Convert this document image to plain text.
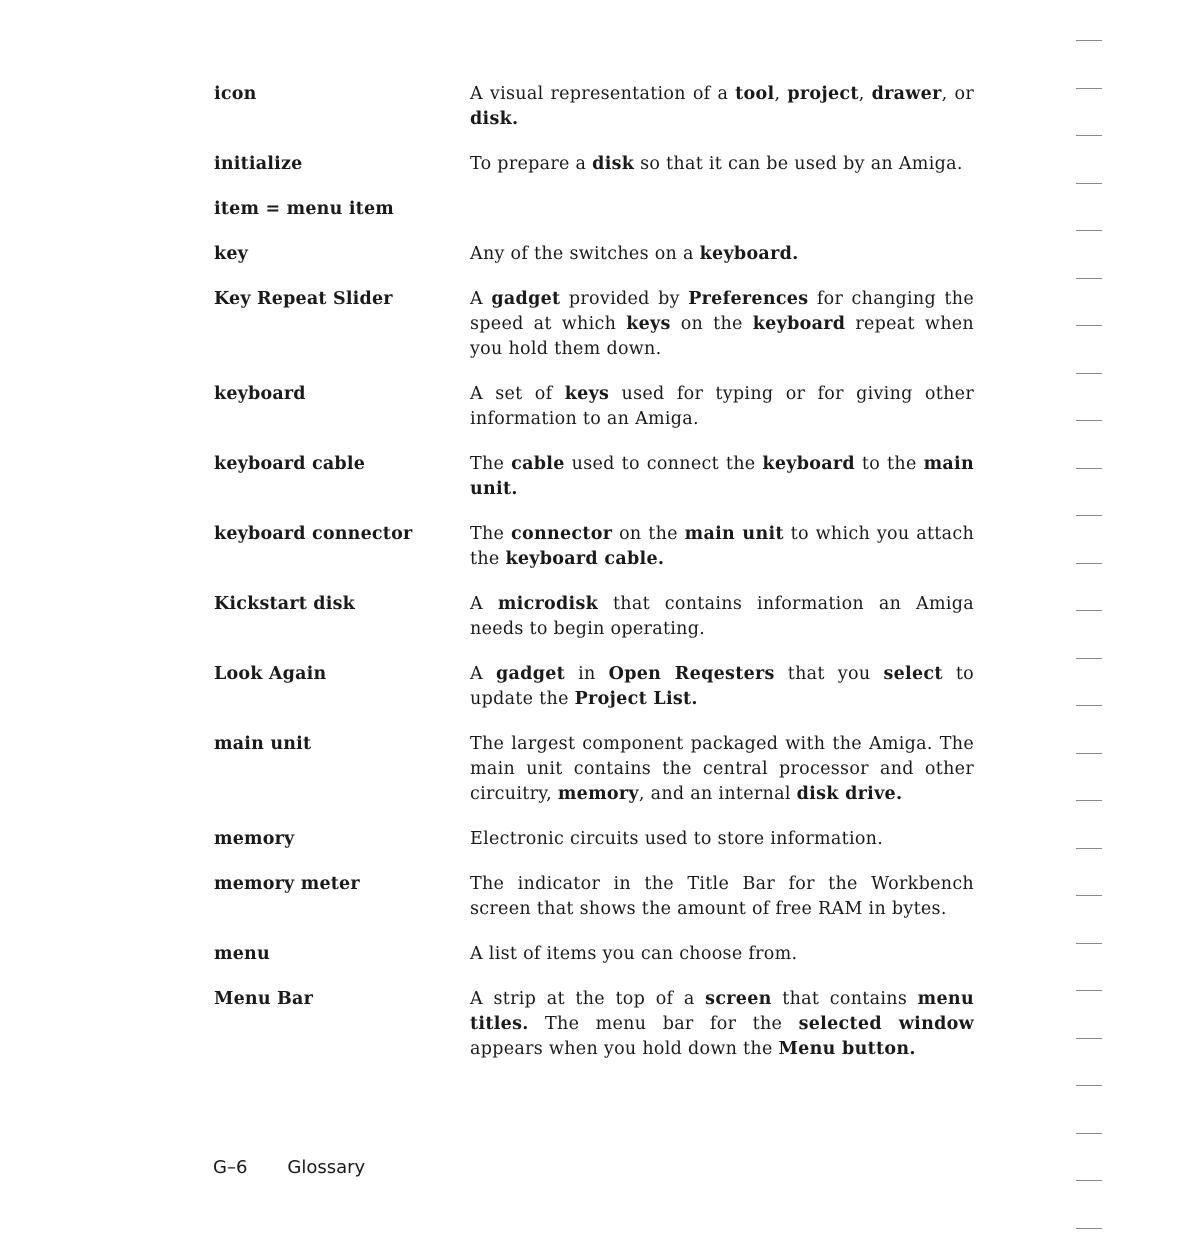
icon	A visual representation of a tool, project, drawer, or disk.
initialize	To prepare a disk so that it can be used by an Amiga.
item = menu item
key	Any of the switches on a keyboard.
Key Repeat Slider	A gadget provided by Preferences for changing the speed at which keys on the keyboard repeat when you hold them down.
keyboard	A set of keys used for typing or for giving other information to an Amiga.
keyboard cable	The cable used to connect the keyboard to the main unit.
keyboard connector	The connector on the main unit to which you attach the keyboard cable.
Kickstart disk	A microdisk that contains information an Amiga needs to begin operating.
Look Again	A gadget in Open Reqesters that you select to update the Project List.
main unit	The largest component packaged with the Amiga. The main unit contains the central processor and other circuitry, memory, and an internal disk drive.
memory	Electronic circuits used to store information.
memory meter	The indicator in the Title Bar for the Workbench screen that shows the amount of free RAM in bytes.
menu	A list of items you can choose from.
Menu Bar	A strip at the top of a screen that contains menu titles. The menu bar for the selected window appears when you hold down the Menu button.
G–6 Glossary
